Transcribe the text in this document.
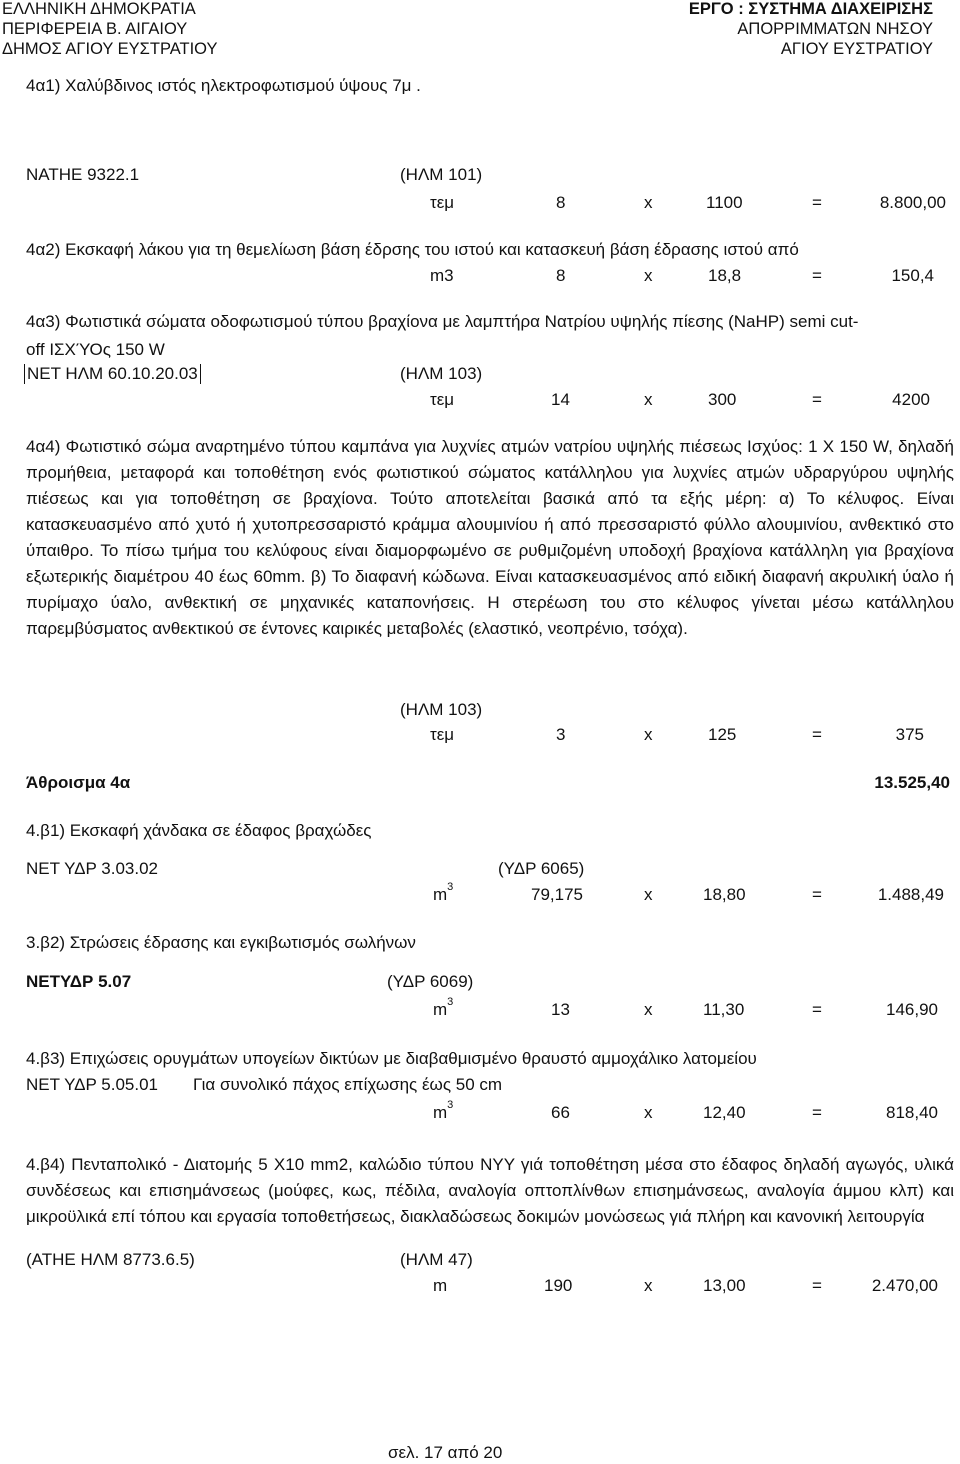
ΕΛΛΗΝΙΚΗ ΔΗΜΟΚΡΑΤΙΑ
ΠΕΡΙΦΕΡΕΙΑ Β. ΑΙΓΑΙΟΥ
ΔΗΜΟΣ ΑΓΙΟΥ ΕΥΣΤΡΑΤΙΟΥ
ΕΡΓΟ : ΣΥΣΤΗΜΑ ΔΙΑΧΕΙΡΙΣΗΣ
ΑΠΟΡΡΙΜΜΑΤΩΝ ΝΗΣΟΥ
ΑΓΙΟΥ ΕΥΣΤΡΑΤΙΟΥ
4α1) Χαλύβδινος ιστός ηλεκτροφωτισμού ύψους 7μ .
ΝΑΤΗΕ 9322.1	(ΗΛΜ 101)
τεμ	8	x	1100	=	8.800,00
4α2) Εκσκαφή λάκου για τη θεμελίωση βάση έδρσης του ιστού και κατασκευή βάση έδρασης ιστού από
m3	8	x	18,8	=	150,4
4α3) Φωτιστικά σώματα οδοφωτισμού τύπου βραχίονα με λαμπτήρα Νατρίου υψηλής πίεσης (NaHP) semi cut-
off ΙΣΧΎΟς 150 W
ΝΕΤ ΗΛΜ 60.10.20.03	(ΗΛΜ 103)
τεμ	14	x	300	=	4200
4α4) Φωτιστικό σώμα αναρτημένο τύπου καμπάνα για λυχνίες ατμών νατρίου υψηλής πιέσεως Ισχύος: 1 Χ 150 W, δηλαδή προμήθεια, μεταφορά και τοποθέτηση ενός φωτιστικού σώματος κατάλληλου για λυχνίες ατμών υδραργύρου υψηλής πιέσεως και για τοποθέτηση σε βραχίονα. Τούτο αποτελείται βασικά από τα εξής μέρη: α) Το κέλυφος. Είναι κατασκευασμένο από χυτό ή χυτοπρεσσαριστό κράμμα αλουμινίου ή από πρεσσαριστό φύλλο αλουμινίου, ανθεκτικό στο ύπαιθρο. Το πίσω τμήμα του κελύφους είναι διαμορφωμένο σε ρυθμιζομένη υποδοχή βραχίονα κατάλληλη για βραχίονα εξωτερικής διαμέτρου 40 έως 60mm. β) Το διαφανή κώδωνα. Είναι κατασκευασμένος από ειδική διαφανή ακρυλική ύαλο ή πυρίμαχο ύαλο, ανθεκτική σε μηχανικές καταπονήσεις. Η στερέωση του στο κέλυφος γίνεται μέσω κατάλληλου παρεμβύσματος ανθεκτικού σε έντονες καιρικές μεταβολές (ελαστικό, νεοπρένιο, τσόχα).
(ΗΛΜ 103)
τεμ	3	x	125	=	375
Άθροισμα 4α	13.525,40
4.β1) Εκσκαφή χάνδακα σε έδαφος βραχώδες
ΝΕΤ ΥΔΡ 3.03.02	(ΥΔΡ 6065)
$m^3$	79,175	x	18,80	=	1.488,49
3.β2) Στρώσεις έδρασης και εγκιβωτισμός σωλήνων
ΝΕΤΥΔΡ 5.07	(ΥΔΡ 6069)
$m^3$	13	x	11,30	=	146,90
4.β3) Επιχώσεις ορυγμάτων υπογείων δικτύων με διαβαθμισμένο θραυστό αμμοχάλικο λατομείου
ΝΕΤ ΥΔΡ 5.05.01 Για συνολικό πάχος επίχωσης έως 50 cm
$m^3$	66	x	12,40	=	818,40
4.β4) Πενταπολικό - Διατομής 5 Χ10 mm2, καλώδιο τύπου ΝΥΥ γιά τοποθέτηση μέσα στο έδαφος δηλαδή αγωγός, υλικά συνδέσεως και επισημάνσεως (μούφες, κως, πέδιλα, αναλογία οπτοπλίνθων επισημάνσεως, αναλογία άμμου κλπ) και μικροϋλικά επί τόπου και εργασία τοποθετήσεως, διακλαδώσεως δοκιμών μονώσεως γιά πλήρη και κανονική λειτουργία
(ΑΤΗΕ ΗΛΜ 8773.6.5)	(ΗΛΜ 47)
m	190	x	13,00	=	2.470,00
σελ. 17 από 20
